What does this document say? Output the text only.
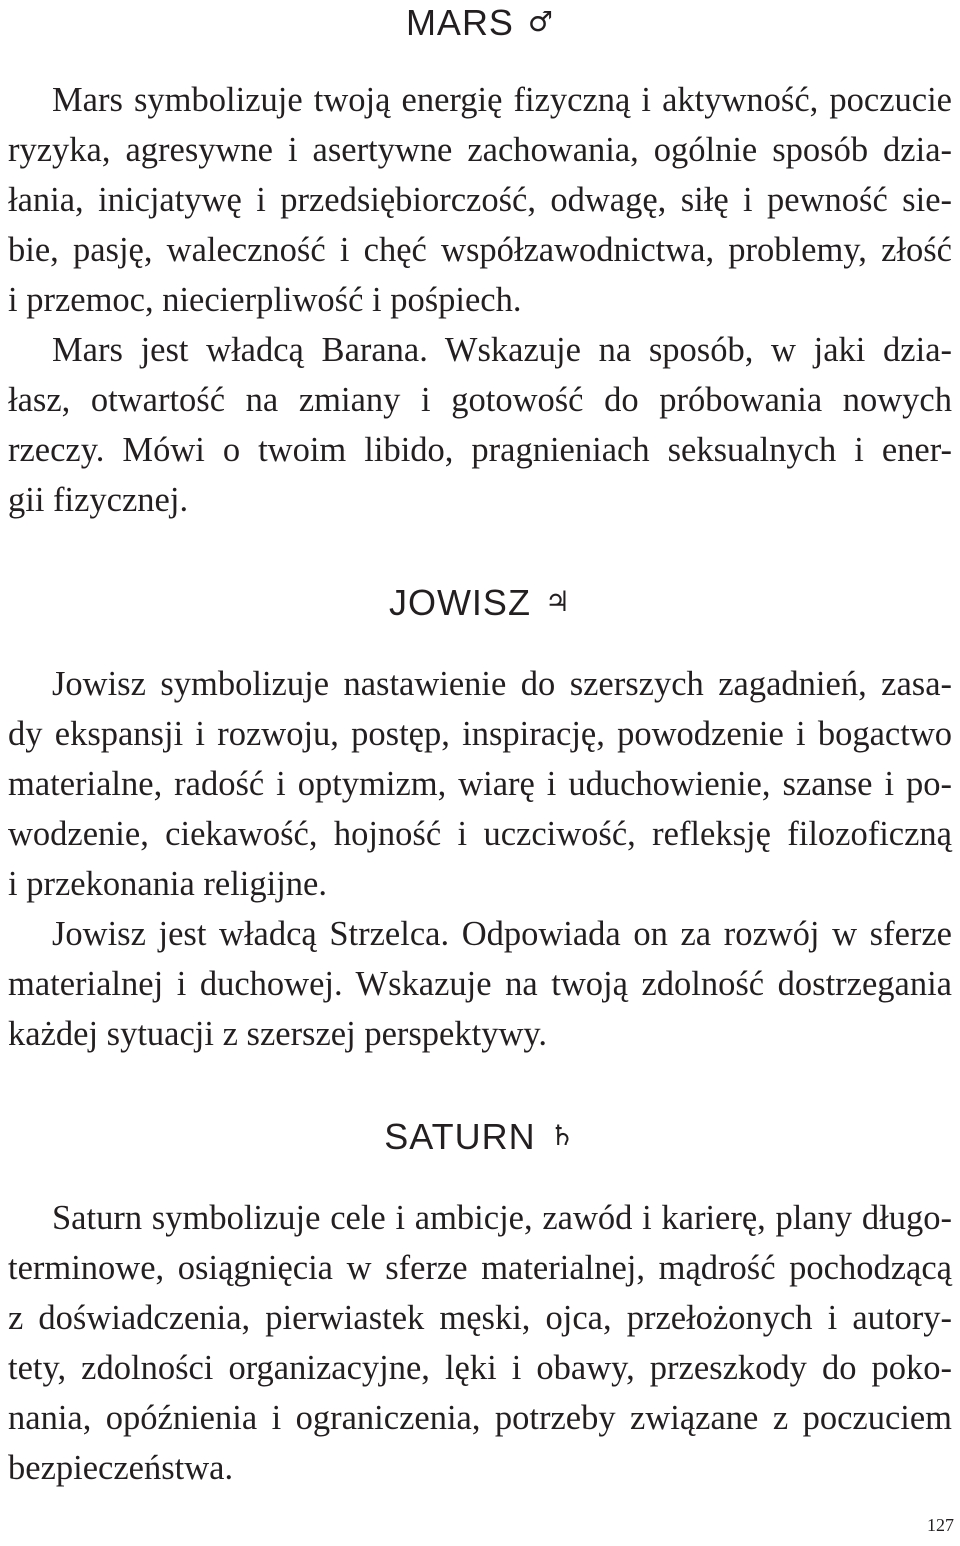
MARS ♂
Mars symbolizuje twoją energię fizyczną i aktywność, poczucie
ryzyka, agresywne i asertywne zachowania, ogólnie sposób dzia-
łania, inicjatywę i przedsiębiorczość, odwagę, siłę i pewność sie-
bie, pasję, waleczność i chęć współzawodnictwa, problemy, złość
i przemoc, niecierpliwość i pośpiech.
Mars jest władcą Barana. Wskazuje na sposób, w jaki dzia-
łasz, otwartość na zmiany i gotowość do próbowania nowych
rzeczy. Mówi o twoim libido, pragnieniach seksualnych i ener-
gii fizycznej.
JOWISZ ♃
Jowisz symbolizuje nastawienie do szerszych zagadnień, zasa-
dy ekspansji i rozwoju, postęp, inspirację, powodzenie i bogactwo
materialne, radość i optymizm, wiarę i uduchowienie, szanse i po-
wodzenie, ciekawość, hojność i uczciwość, refleksję filozoficzną
i przekonania religijne.
Jowisz jest władcą Strzelca. Odpowiada on za rozwój w sferze
materialnej i duchowej. Wskazuje na twoją zdolność dostrzegania
każdej sytuacji z szerszej perspektywy.
SATURN ♄
Saturn symbolizuje cele i ambicje, zawód i karierę, plany długo-
terminowe, osiągnięcia w sferze materialnej, mądrość pochodzącą
z doświadczenia, pierwiastek męski, ojca, przełożonych i autory-
tety, zdolności organizacyjne, lęki i obawy, przeszkody do poko-
nania, opóźnienia i ograniczenia, potrzeby związane z poczuciem
bezpieczeństwa.
127
